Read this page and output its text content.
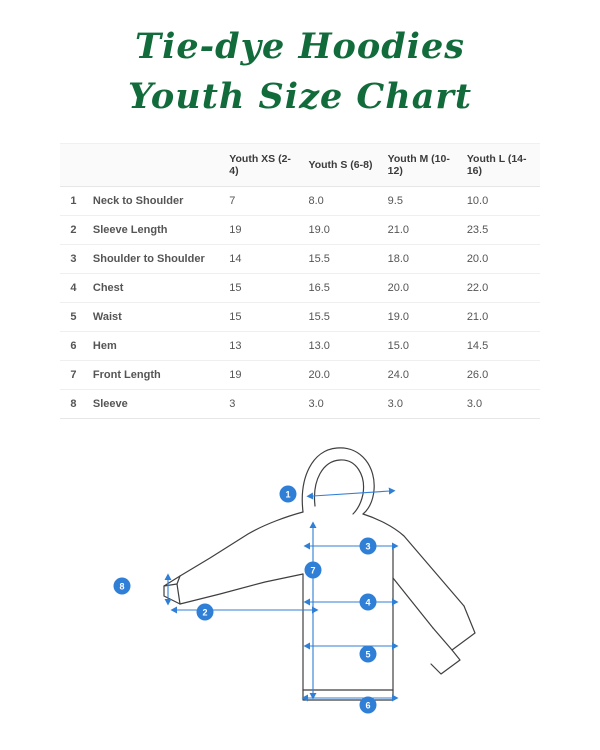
Tie-dye Hoodies
Youth Size Chart
		Youth XS (2-4)	Youth S (6-8)	Youth M (10-12)	Youth L (14-16)
1	Neck to Shoulder	7	8.0	9.5	10.0
2	Sleeve Length	19	19.0	21.0	23.5
3	Shoulder to Shoulder	14	15.5	18.0	20.0
4	Chest	15	16.5	20.0	22.0
5	Waist	15	15.5	19.0	21.0
6	Hem	13	13.0	15.0	14.5
7	Front Length	19	20.0	24.0	26.0
8	Sleeve	3	3.0	3.0	3.0
1
3
7
8
4
2
5
6
